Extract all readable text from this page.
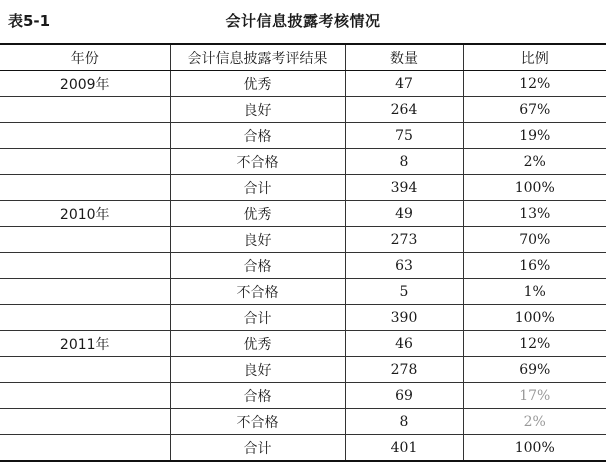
表5-1	会计信息披露考核情况
年份	会计信息披露考评结果	数量	比例
2009年	优秀	47	12%
	良好	264	67%
	合格	75	19%
	不合格	8	2%
	合计	394	100%
2010年	优秀	49	13%
	良好	273	70%
	合格	63	16%
	不合格	5	1%
	合计	390	100%
2011年	优秀	46	12%
	良好	278	69%
	合格	69	17%
	不合格	8	2%
	合计	401	100%
